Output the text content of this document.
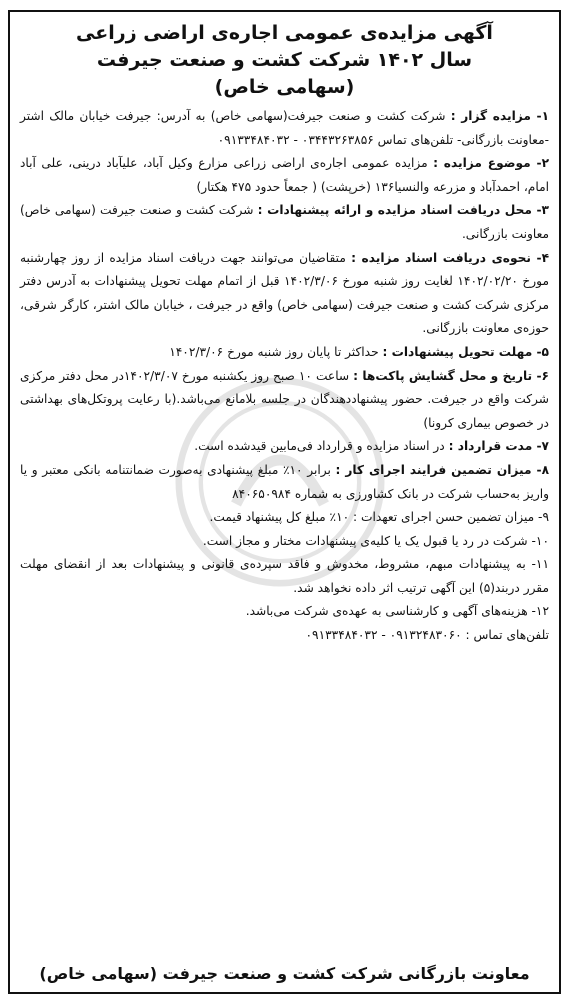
آگهی مزایده‌ی عمومی اجاره‌ی اراضی زراعی

سال ۱۴۰۲ شرکت کشت و صنعت جیرفت

(سهامی خاص)

۱- مزایده گزار : شرکت کشت و صنعت جیرفت(سهامی خاص) به آدرس: جیرفت خیابان مالک اشتر -معاونت بازرگانی- تلفن‌های تماس ۰۳۴۴۳۲۶۳۸۵۶ - ۰۹۱۳۳۴۸۴۰۳۲

۲- موضوع مزایده : مزایده عمومی اجاره‌ی اراضی زراعی مزارع وکیل آباد، علیآباد درینی، علی آباد امام، احمدآباد و مزرعه والنسیا۱۳۶ (خرپشت) ( جمعاً حدود ۴۷۵ هکتار)

۳- محل دریافت اسناد مزایده و ارائه پیشنهادات : شرکت کشت و صنعت جیرفت (سهامی خاص) معاونت بازرگانی.

۴- نحوه‌ی دریافت اسناد مزایده : متقاضیان می‌توانند جهت دریافت اسناد مزایده از روز چهارشنبه مورخ ۱۴۰۲/۰۲/۲۰ لغایت روز شنبه مورخ ۱۴۰۲/۳/۰۶ قبل از اتمام مهلت تحویل پیشنهادات به آدرس دفتر مرکزی شرکت کشت و صنعت جیرفت (سهامی خاص) واقع در جیرفت ، خیابان مالک اشتر، کارگر شرقی، حوزه‌ی معاونت بازرگانی.

۵- مهلت تحویل پیشنهادات : حداکثر تا پایان روز شنبه مورخ ۱۴۰۲/۳/۰۶

۶- تاریخ و محل گشایش پاکت‌ها : ساعت ۱۰ صبح روز یکشنبه مورخ ۱۴۰۲/۳/۰۷در محل دفتر مرکزی شرکت واقع در جیرفت. حضور پیشنهاددهندگان در جلسه بلامانع می‌باشد.(با رعایت پروتکل‌های بهداشتی در خصوص بیماری کرونا)

۷- مدت قرارداد : در اسناد مزایده و قرارداد فی‌مابین قیدشده است.

۸- میزان تضمین فرایند اجرای کار : برابر ۱۰٪ مبلغ پیشنهادی به‌صورت ضمانتنامه بانکی معتبر و یا واریز به‌حساب شرکت در بانک کشاورزی به شماره ۸۴۰۶۵۰۹۸۴

۹- میزان تضمین حسن اجرای تعهدات : ۱۰٪ مبلغ کل پیشنهاد قیمت.

۱۰- شرکت در رد یا قبول یک یا کلیه‌ی پیشنهادات مختار و مجاز است.

۱۱- به پیشنهادات مبهم، مشروط، مخدوش و فاقد سپرده‌ی قانونی و پیشنهادات بعد از انقضای مهلت مقرر دربند(۵) این آگهی ترتیب اثر داده نخواهد شد.

۱۲- هزینه‌های آگهی و کارشناسی به عهده‌ی شرکت می‌باشد.

تلفن‌های تماس : ۰۹۱۳۲۴۸۳۰۶۰ - ۰۹۱۳۳۴۸۴۰۳۲

معاونت بازرگانی شرکت کشت و صنعت جیرفت (سهامی خاص)
